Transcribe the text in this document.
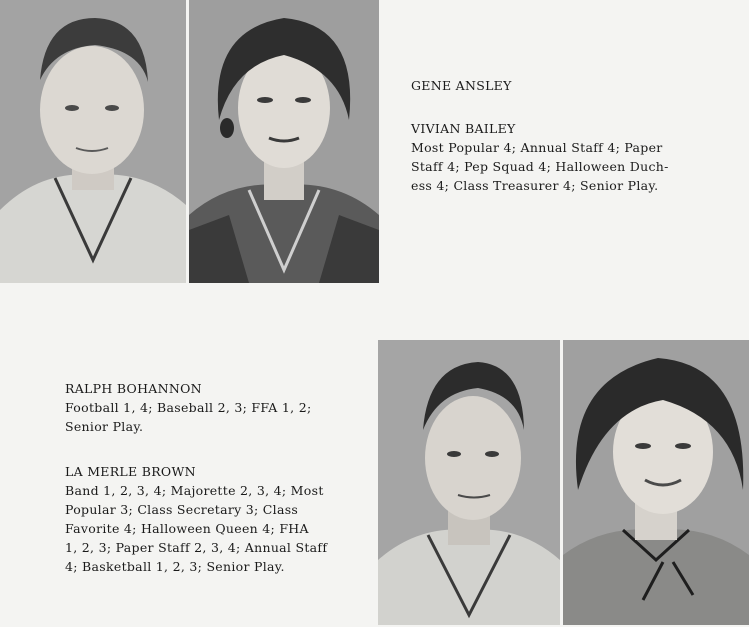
GENE ANSLEY

VIVIAN BAILEY

Most Popular 4; Annual Staff 4; Paper

Staff 4; Pep Squad 4; Halloween Duch-

ess 4; Class Treasurer 4; Senior Play.

RALPH BOHANNON

Football 1, 4; Baseball 2, 3; FFA 1, 2;

Senior Play.

LA MERLE BROWN

Band 1, 2, 3, 4; Majorette 2, 3, 4; Most

Popular 3; Class Secretary 3; Class

Favorite 4; Halloween Queen 4; FHA

1, 2, 3; Paper Staff 2, 3, 4; Annual Staff

4; Basketball 1, 2, 3; Senior Play.
